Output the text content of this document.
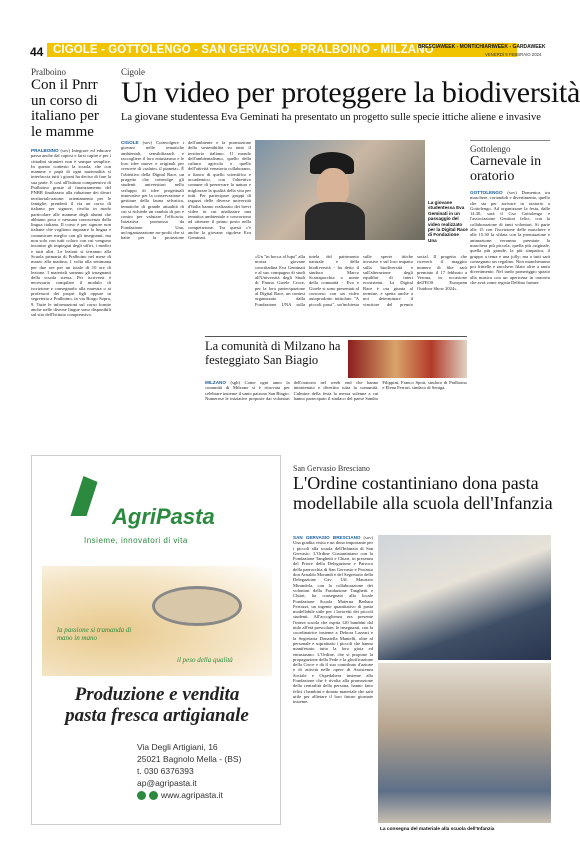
44 CIGOLE - GOTTOLENGO - SAN GERVASIO - PRALBOINO - MILZANO
BRESCIAWEEK - MONTICHIARIWEEK - GARDAWEEK
VENERDÌ 9 FEBBRAIO 2024
Pralboino
Con il Pnrr un corso di italiano per le mamme
PRALBOINO (sov) Integrare ed educare passa anche dal capirsi e farsi capire e per i cittadini stranieri non è sempre semplice. In questo contesto la scuola, che con mamme e papà di ogni nazionalità si interfaccia tutti i giorni ha deciso di fare la sua parte. E così all'Istituto comprensivo di Pralboino grazie al finanziamento del PNRR finalizzato alla riduzione dei divari territoriali-azione: orientamento per le famiglie, prenderà il via un corso di italiano per signore, rivolto in modo particolare alle mamme degli alunni che abbiano poca o nessuna conoscenza della lingua italiana. Il corso è per signore non italiane che vogliono imparare la lingua e comunicare meglio con gli insegnanti, ma non solo con tutti coloro con cui vengono incontro gli impiegati degli uffici, i medici e tutti altri. Le lezioni si terranno alla Scuola primaria di Pralboino nel mese di marzo alla mattina, 1 volta alla settimana per due ore per un totale di 10 ore di lezione. I materiali saranno gli insegnanti della scuola stessa. Per iscriversi è necessario compilare il modulo di iscrizione e consegnarlo alla maestra o ai professori dei propri figli oppure in segreteria a Pralboino, in via Borgo Sopra, 9. Tutte le informazioni sul corso fornite anche nelle diverse lingue sono disponibili sul sito dell'Istituto comprensivo.
Cigole
Un video per proteggere la biodiversità
La giovane studentessa Eva Geminati ha presentato un progetto sulle specie ittiche aliene e invasive
CIGOLE (sov) Coinvolgere i giovani nelle tematiche ambientali, sensibilizzarli e raccogliere il loro entusiasmo e le loro idee nuove e originali per crescere di «salute» il pianeta». È l'obiettivo della Digital Race, un progetto che coinvolge gli studenti universitari nello sviluppo di idee progettuali innovative per la conservazione e gestione della fauna selvatica, tematiche di grande attualità di cui si richiede un cambio di pro e contro per valutare l'efficacia. Iniziativa promossa da Fondazione Una, un'organizzazione no-profit che si batte per la protezione dell'ambiente e la promozione della sostenibilità su tutto il territorio italiano. Il mondo dell'ambientalismo, quello della cultura agricola e quello dell'attività venatoria collaborano, a fianco di quello scientifico e accademico, con l'obiettivo comune di preservare la natura e migliorare la qualità della vita per tutti. Per partecipare gruppi di ragazzi delle diverse università d'Italia hanno realizzato dei brevi video in cui analizzare una tematica ambientale e concorrono ad ottenere il primo posto nella competizione. Tra questi c'è anche la giovane cigolese Eva Geminati.
La giovane studentessa Eva Geminati in un passaggio del video realizzato per la Digital Race di Fondazione Una
«Un "in bocca al lupo" alla nostra giovane concittadina Eva Geminati e al suo compagno di studi all'Università degli Studi di Parma Gioele Croce, per la loro partecipazione al Digital Race, un contest organizzato dalla Fondazione UNA sulla tutela del patrimonio naturale e della biodiversità - ha detto il sindaco Marco Scartapacchia a nome della comunità - Eva e Gioele si sono presentati al concorso con un video autoprodotto intitolato "A piccoli passi", un'inchiesta sulle specie ittiche invasive e sul loro impatto sulla biodiversità e sull'alterazione degli equilibri di interi ecosistemi. La Digital Race è ora giunta al termine, e spetta anche a noi determinare il vincitore del premio social. Il progetto che riceverà il maggior numero di like sarà premiato il 17 febbraio a Verona, in occasione dell'EOS European Outdoor Show 2024».
Gottolengo
Carnevale in oratorio
GOTTOLENGO (sov) Domenica tra maschere, coriandoli e divertimento, quello che sta per arrivare in oratorio a Gottolengo. Ad organizzare la festa, dalle 14.30, sarà il Gso Gottolengo e l'associazione Genitori felici, con la collaborazione di tanti volontari. Si parte alle 15 con l'iscrizione delle maschere e alle 15.30 la sfilata con la premiazione e animazione: verranno premiate la maschera più piccola, quella più originale, quella più grande, la più simpatica, il gruppo a tema e una jolly; ma a tutti sarà consegnato un regalino. Non mancheranno poi frittelle e zucchero filato oltre a tanto divertimento. Nel tardo pomeriggio spazio alla musica con un apericena in oratorio che avrà come regista Delfino farmer.
La comunità di Milzano ha festeggiato San Biagio
MILZANO (sgb) Come ogni anno la comunità di Milzano si è ritrovata per celebrare insieme il santo patrono San Biagio. Numerose le iniziative proposte dai volontari dell'oratorio nel week end che hanno intrattenuto e divertito tutta la comunità. Culmine della festa la messa solenne a cui hanno partecipato il sindaco del paese Sandro Filippini, Franco Spoti, sindaco di Pralboino e Elena Ferrari, sindaco di Seniga.
AgriPasta
Insieme, innovatori di vita
la passione si tramanda di mano in mano
il peso della qualità
Produzione e vendita pasta fresca artigianale
Via Degli Artigiani, 16
25021 Bagnolo Mella - (BS)
t. 030 6376393
ap@agripasta.it
www.agripasta.it
San Gervasio Bresciano
L'Ordine costantiniano dona pasta modellabile alla scuola dell'Infanzia
SAN GERVASIO BRESCIANO (sov) Una gradita visita e un dono importante per i piccoli alla scuola dell'Infanzia di San Gervasio. L'Ordine Costantiniano con la Fondazione Tanghetti e Chiari, in presenza del Priore della Delegazione e Parroco della parrocchia di San Gervasio e Protasio don Arnaldo Morandi e del Segretario della Delegazione Cav. Uff. Maurizio Mirandola, con la collaborazione dei volontari della Fondazione Tanghetti e Chiari, ha consegnato alla locale Fondazione Scuola Materna Barbara Ferrazzi, un ingente quantitativo di pasta modellabile utile per i lavoretti dei piccoli studenti. All'accoglienza era presente l'intera scuola che ospita 120 bambini dal nido all'età prescolare, le insegnanti, con la coordinatrice insieme a Debora Lazzari e la Segretaria Donatella Mantelli, oltre al personale e soprattutto i piccoli che hanno manifestato tutta la loro gioia ed entusiasmo. L'Ordine, che si propone la propagazione della Fede e la glorificazione della Croce e dà il suo contributo d'azione e di attività nelle opere di Assistenza Sociale e Ospedaliera insieme alla Fondazione che è rivolta alla promozione della centralità della persona, hanno fatto felici i bambini e donato materiale che sarà utile per allietare il loro futuro giornate insieme.
La consegna del materiale alla scuola dell'Infanzia
